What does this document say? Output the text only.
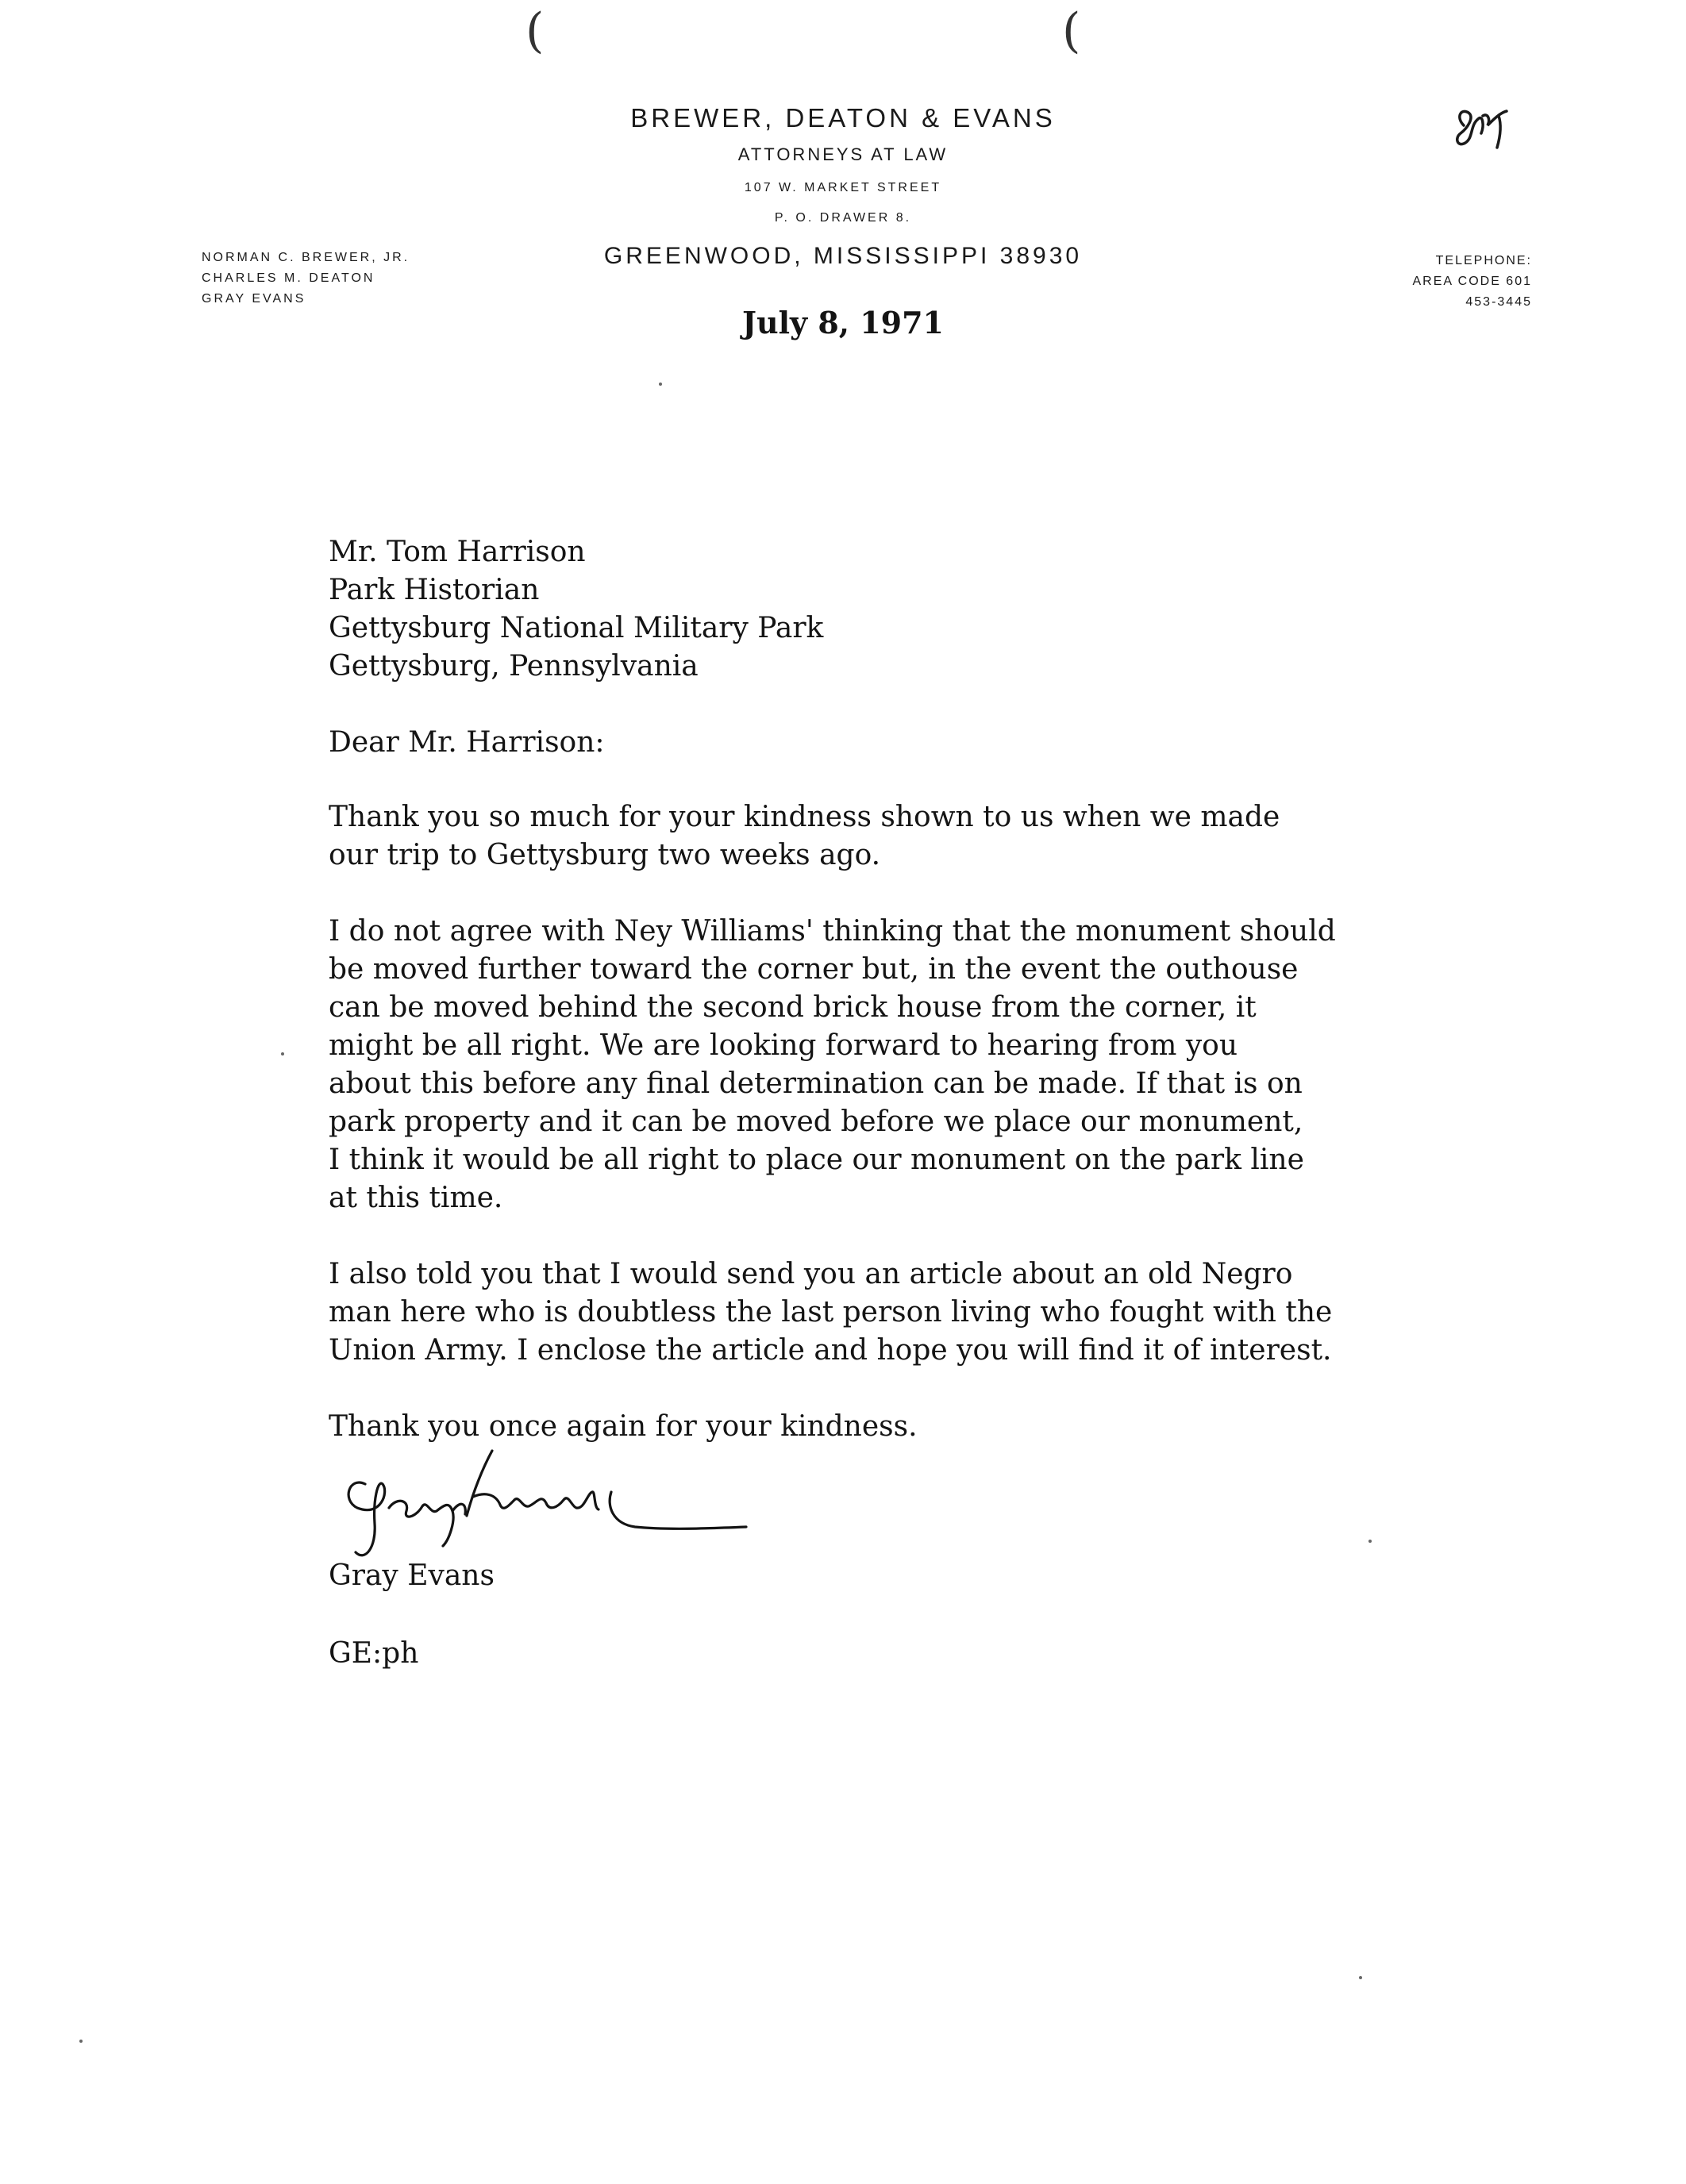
(	(
BREWER, DEATON & EVANS
ATTORNEYS AT LAW
107 W. MARKET STREET
P. O. DRAWER 8.
GREENWOOD, MISSISSIPPI 38930
NORMAN C. BREWER, JR.
CHARLES M. DEATON
GRAY EVANS
TELEPHONE:
AREA CODE 601
453-3445
July 8, 1971
Mr. Tom Harrison
Park Historian
Gettysburg National Military Park
Gettysburg, Pennsylvania
Dear Mr. Harrison:
Thank you so much for your kindness shown to us when we made
our trip to Gettysburg two weeks ago.
I do not agree with Ney Williams' thinking that the monument should
be moved further toward the corner but, in the event the outhouse
can be moved behind the second brick house from the corner, it
might be all right. We are looking forward to hearing from you
about this before any final determination can be made. If that is on
park property and it can be moved before we place our monument,
I think it would be all right to place our monument on the park line
at this time.
I also told you that I would send you an article about an old Negro
man here who is doubtless the last person living who fought with the
Union Army. I enclose the article and hope you will find it of interest.
Thank you once again for your kindness.
Gray Evans
GE:ph
